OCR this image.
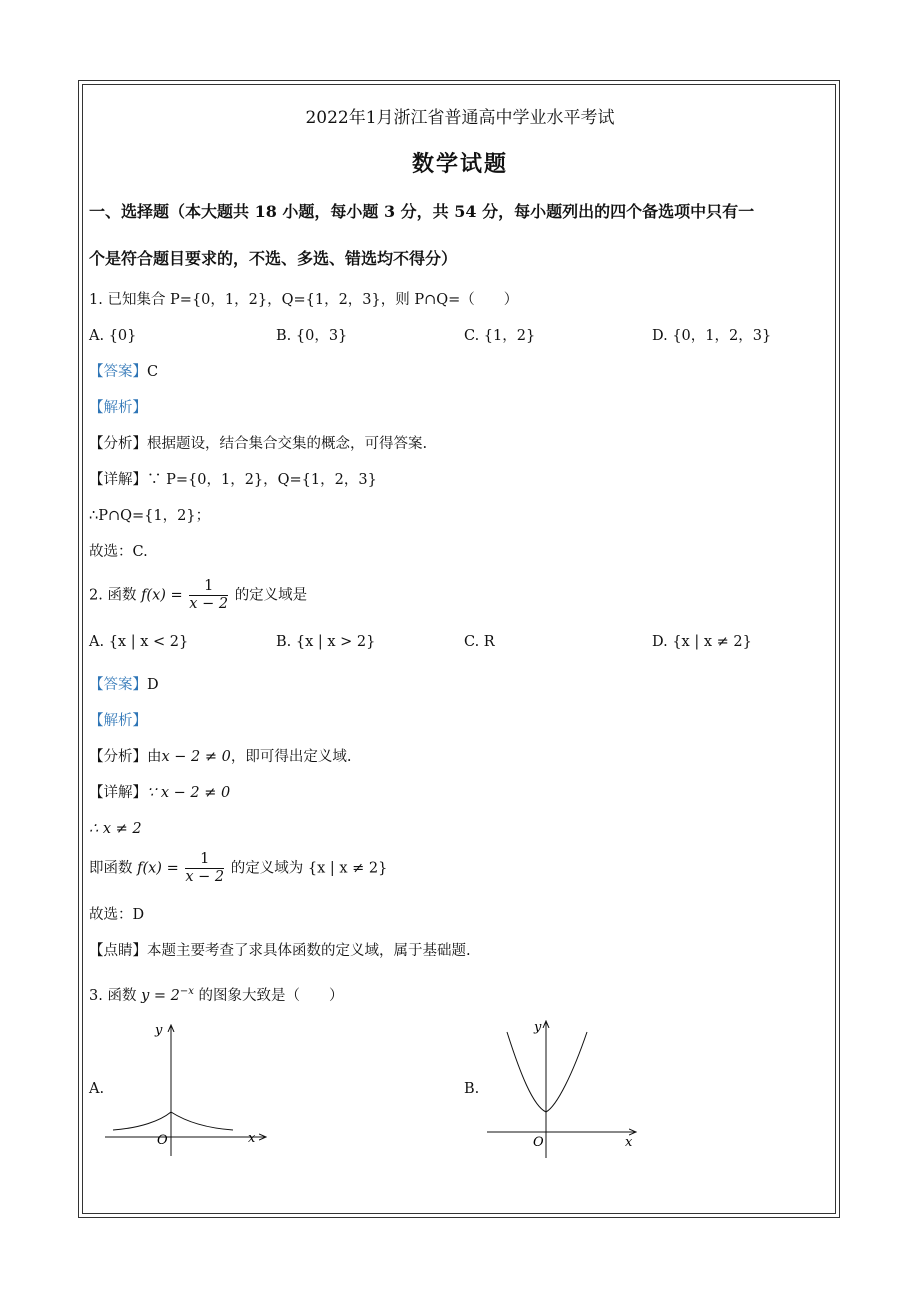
2022年1月浙江省普通高中学业水平考试
数学试题
一、选择题（本大题共 18 小题，每小题 3 分，共 54 分，每小题列出的四个备选项中只有一
个是符合题目要求的，不选、多选、错选均不得分）
1. 已知集合 P={0，1，2}，Q={1，2，3}，则 P∩Q=（　　）
A. {0}	B. {0，3}	C. {1，2}	D. {0，1，2，3}
【答案】C
【解析】
【分析】根据题设，结合集合交集的概念，可得答案.
【详解】∵ P={0，1，2}，Q={1，2，3}
∴P∩Q={1，2}；
故选：C.
2. 函数 $f(x) = \frac{1}{x - 2}$ 的定义域是
A. {x | x < 2}	B. {x | x > 2}	C. R	D. {x | x ≠ 2}
【答案】D
【解析】
【分析】由x − 2 ≠ 0，即可得出定义域.
【详解】∵ x − 2 ≠ 0
∴ x ≠ 2
即函数 $f(x) = \frac{1}{x - 2}$ 的定义域为 {x | x ≠ 2}
故选：D
【点睛】本题主要考查了求具体函数的定义域，属于基础题.
3. 函数 $y = 2^{-x}$ 的图象大致是（　　）
A.	B.
y
x
O
y
x
O
